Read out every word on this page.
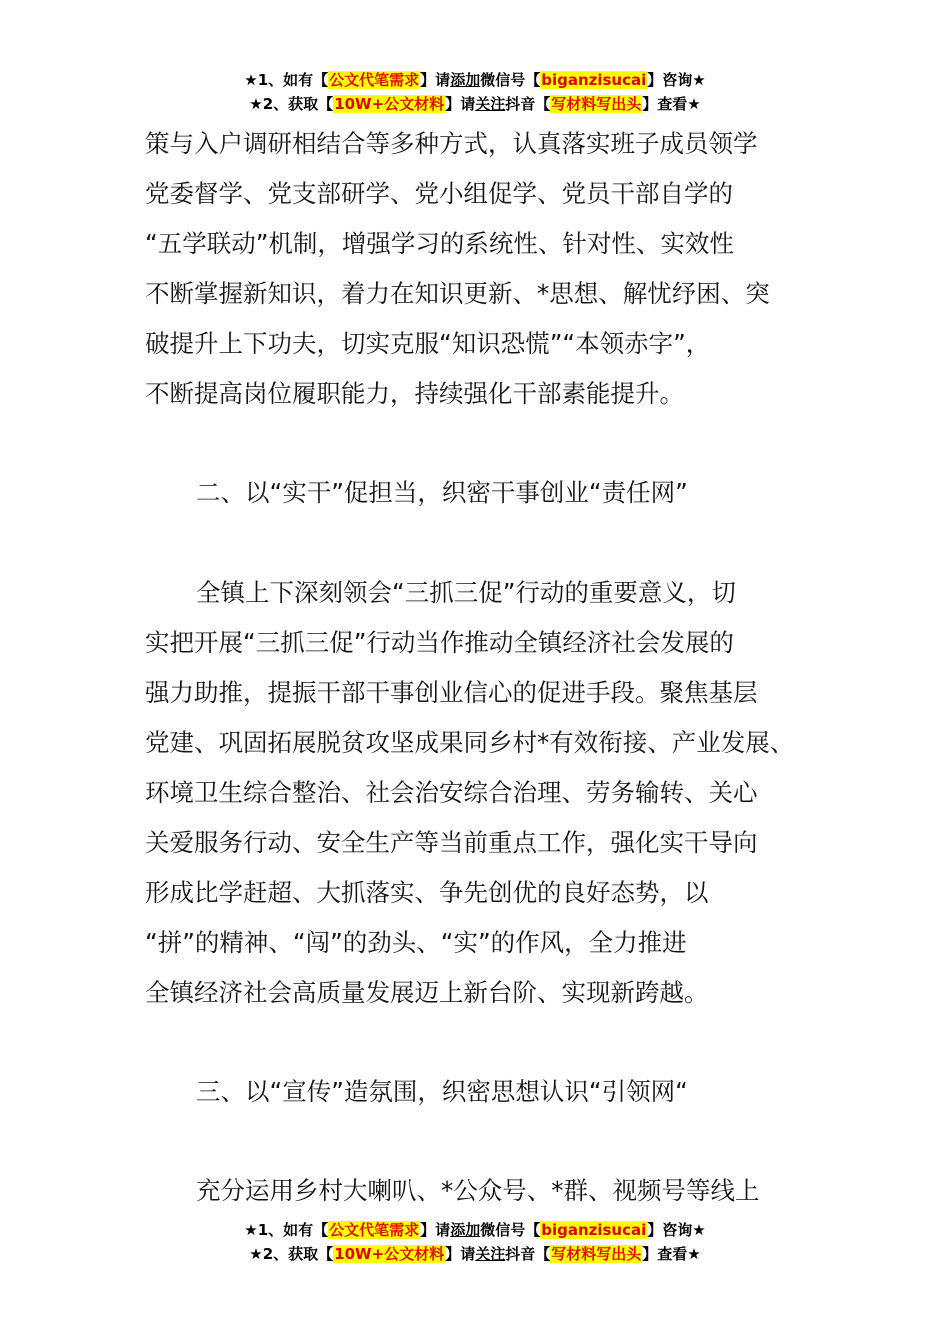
★1、如有【公文代笔需求】请添加微信号【biganzisucai】咨询★
★2、获取【10W+公文材料】请关注抖音【写材料写出头】查看★

策与入户调研相结合等多种方式，认真落实班子成员领学

党委督学、党支部研学、党小组促学、党员干部自学的

“五学联动”机制，增强学习的系统性、针对性、实效性

不断掌握新知识，着力在知识更新、*思想、解忧纾困、突

破提升上下功夫，切实克服“知识恐慌”“本领赤字”，

不断提高岗位履职能力，持续强化干部素能提升。

二、以“实干”促担当，织密干事创业“责任网”

全镇上下深刻领会“三抓三促”行动的重要意义，切

实把开展“三抓三促”行动当作推动全镇经济社会发展的

强力助推，提振干部干事创业信心的促进手段。聚焦基层

党建、巩固拓展脱贫攻坚成果同乡村*有效衔接、产业发展、

环境卫生综合整治、社会治安综合治理、劳务输转、关心

关爱服务行动、安全生产等当前重点工作，强化实干导向

形成比学赶超、大抓落实、争先创优的良好态势，以

“拼”的精神、“闯”的劲头、“实”的作风，全力推进

全镇经济社会高质量发展迈上新台阶、实现新跨越。

三、以“宣传”造氛围，织密思想认识“引领网“

充分运用乡村大喇叭、*公众号、*群、视频号等线上

★1、如有【公文代笔需求】请添加微信号【biganzisucai】咨询★
★2、获取【10W+公文材料】请关注抖音【写材料写出头】查看★
